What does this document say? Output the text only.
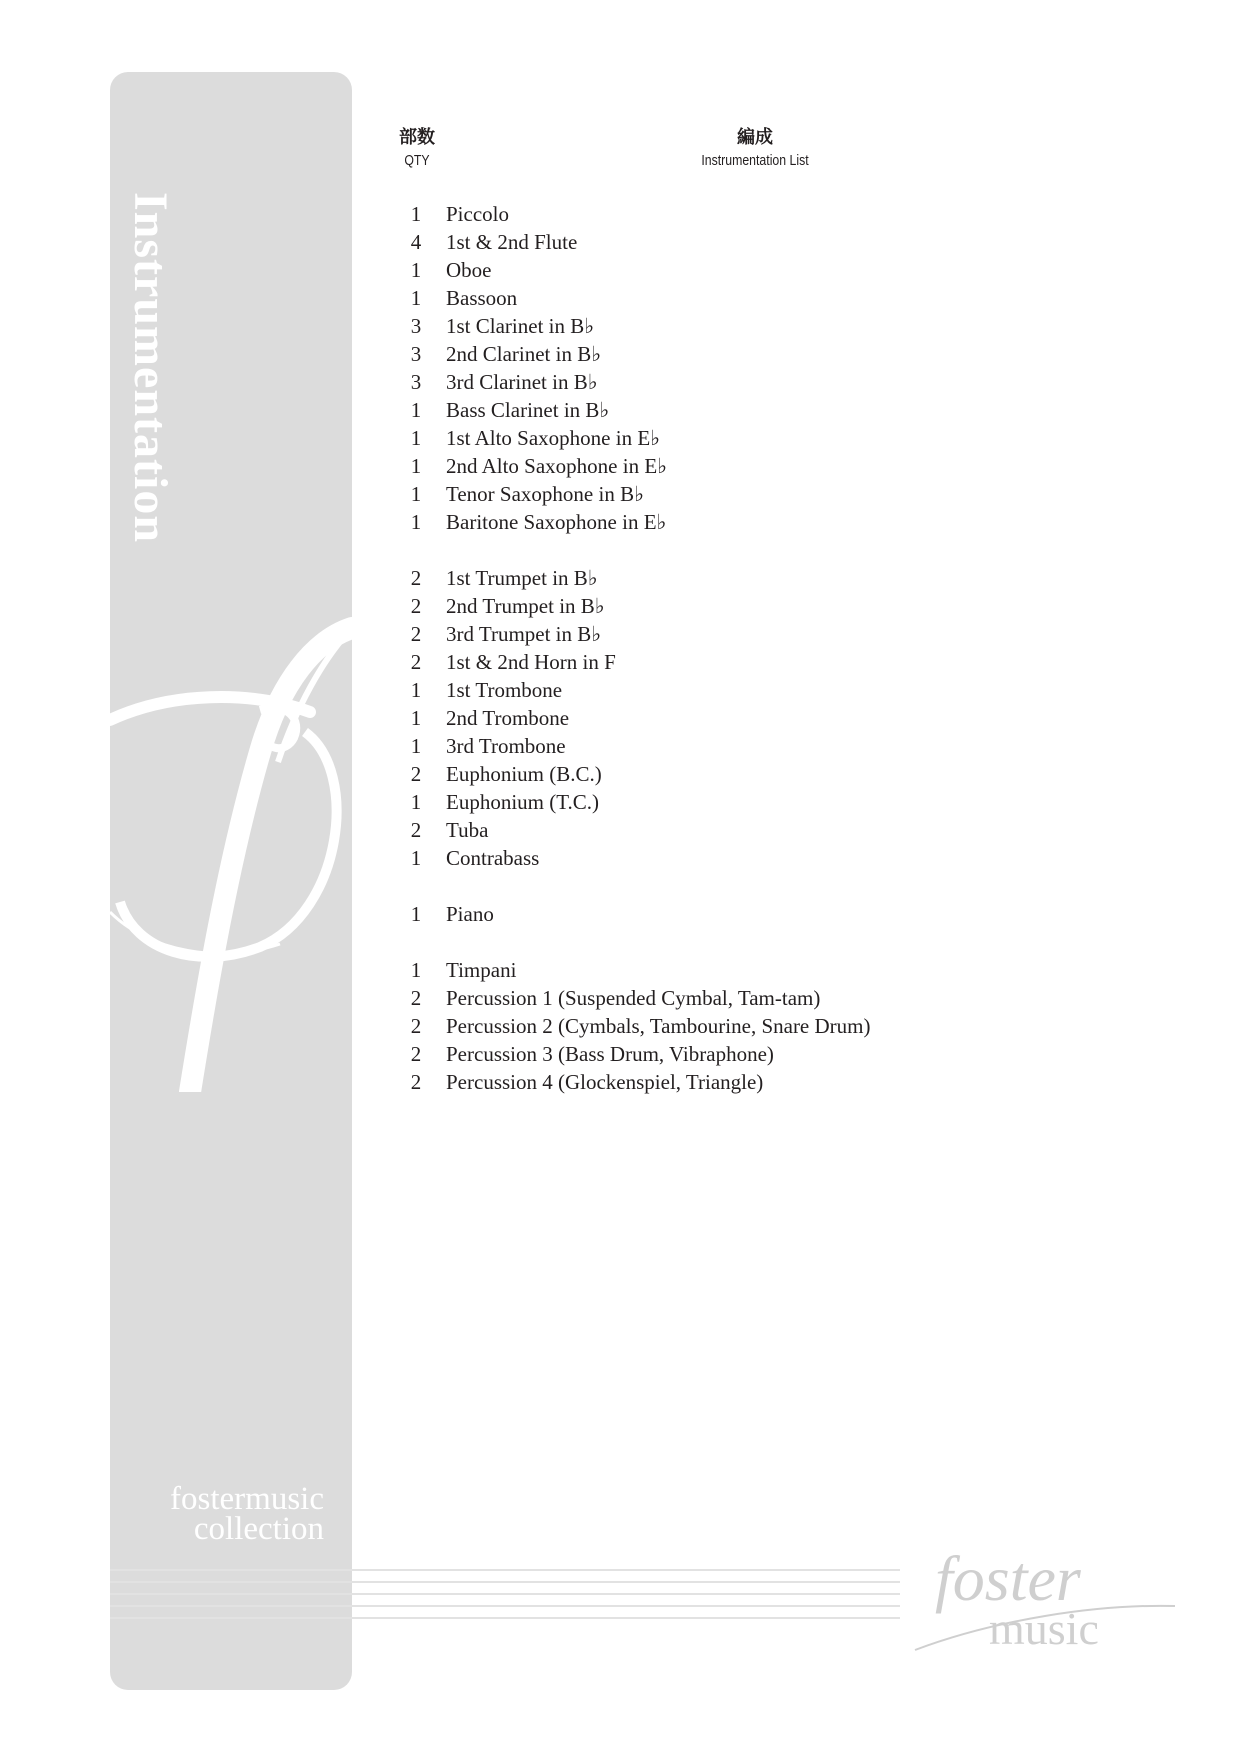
Instrumentation
fostermusic
collection
部数
QTY
編成
Instrumentation List
1	Piccolo
4	1st & 2nd Flute
1	Oboe
1	Bassoon
3	1st Clarinet in B♭
3	2nd Clarinet in B♭
3	3rd Clarinet in B♭
1	Bass Clarinet in B♭
1	1st Alto Saxophone in E♭
1	2nd Alto Saxophone in E♭
1	Tenor Saxophone in B♭
1	Baritone Saxophone in E♭
2	1st Trumpet in B♭
2	2nd Trumpet in B♭
2	3rd Trumpet in B♭
2	1st & 2nd Horn in F
1	1st Trombone
1	2nd Trombone
1	3rd Trombone
2	Euphonium (B.C.)
1	Euphonium (T.C.)
2	Tuba
1	Contrabass
1	Piano
1	Timpani
2	Percussion 1 (Suspended Cymbal, Tam-tam)
2	Percussion 2 (Cymbals, Tambourine, Snare Drum)
2	Percussion 3 (Bass Drum, Vibraphone)
2	Percussion 4 (Glockenspiel, Triangle)
foster
music
